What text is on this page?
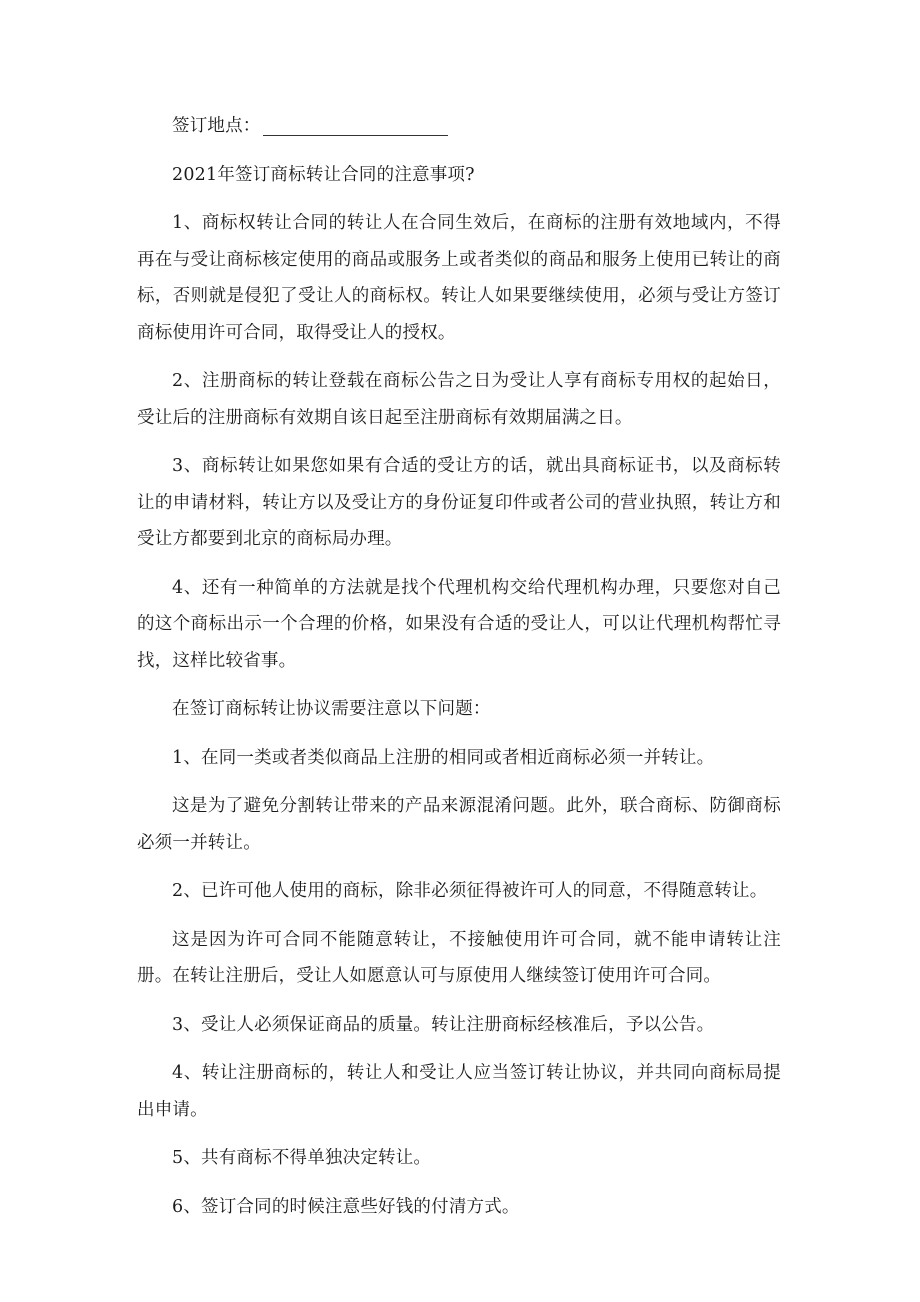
签订地点：

2021年签订商标转让合同的注意事项?

1、商标权转让合同的转让人在合同生效后，在商标的注册有效地域内，不得再在与受让商标核定使用的商品或服务上或者类似的商品和服务上使用已转让的商标，否则就是侵犯了受让人的商标权。转让人如果要继续使用，必须与受让方签订商标使用许可合同，取得受让人的授权。

2、注册商标的转让登载在商标公告之日为受让人享有商标专用权的起始日，受让后的注册商标有效期自该日起至注册商标有效期届满之日。

3、商标转让如果您如果有合适的受让方的话，就出具商标证书，以及商标转让的申请材料，转让方以及受让方的身份证复印件或者公司的营业执照，转让方和受让方都要到北京的商标局办理。

4、还有一种简单的方法就是找个代理机构交给代理机构办理，只要您对自己的这个商标出示一个合理的价格，如果没有合适的受让人，可以让代理机构帮忙寻找，这样比较省事。

在签订商标转让协议需要注意以下问题：

1、在同一类或者类似商品上注册的相同或者相近商标必须一并转让。

这是为了避免分割转让带来的产品来源混淆问题。此外，联合商标、防御商标必须一并转让。

2、已许可他人使用的商标，除非必须征得被许可人的同意，不得随意转让。

这是因为许可合同不能随意转让，不接触使用许可合同，就不能申请转让注册。在转让注册后，受让人如愿意认可与原使用人继续签订使用许可合同。

3、受让人必须保证商品的质量。转让注册商标经核准后，予以公告。

4、转让注册商标的，转让人和受让人应当签订转让协议，并共同向商标局提出申请。

5、共有商标不得单独决定转让。

6、签订合同的时候注意些好钱的付清方式。
